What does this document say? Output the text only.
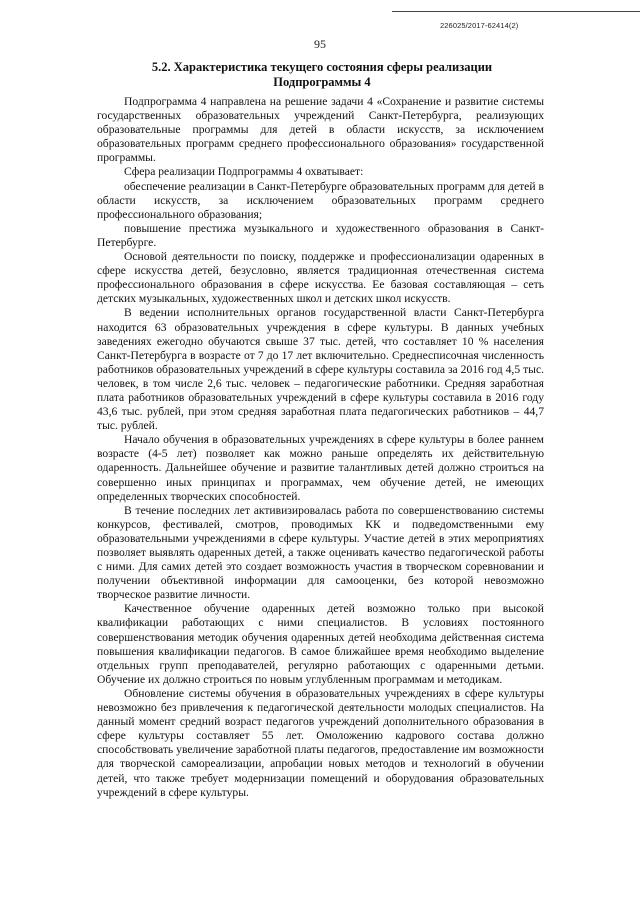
226025/2017-62414(2)
95
5.2. Характеристика текущего состояния сферы реализации
Подпрограммы 4

Подпрограмма 4 направлена на решение задачи 4 «Сохранение и развитие системы государственных образовательных учреждений Санкт-Петербурга, реализующих образовательные программы для детей в области искусств, за исключением образовательных программ среднего профессионального образования» государственной программы.

Сфера реализации Подпрограммы 4 охватывает:

обеспечение реализации в Санкт-Петербурге образовательных программ для детей в области искусств, за исключением образовательных программ среднего профессионального образования;

повышение престижа музыкального и художественного образования в Санкт-Петербурге.

Основой деятельности по поиску, поддержке и профессионализации одаренных в сфере искусства детей, безусловно, является традиционная отечественная система профессионального образования в сфере искусства. Ее базовая составляющая – сеть детских музыкальных, художественных школ и детских школ искусств.

В ведении исполнительных органов государственной власти Санкт-Петербурга находится 63 образовательных учреждения в сфере культуры. В данных учебных заведениях ежегодно обучаются свыше 37 тыс. детей, что составляет 10 % населения Санкт-Петербурга в возрасте от 7 до 17 лет включительно. Среднесписочная численность работников образовательных учреждений в сфере культуры составила за 2016 год 4,5 тыс. человек, в том числе 2,6 тыс. человек – педагогические работники. Средняя заработная плата работников образовательных учреждений в сфере культуры составила в 2016 году 43,6 тыс. рублей, при этом средняя заработная плата педагогических работников – 44,7 тыс. рублей.

Начало обучения в образовательных учреждениях в сфере культуры в более раннем возрасте (4-5 лет) позволяет как можно раньше определять их действительную одаренность. Дальнейшее обучение и развитие талантливых детей должно строиться на совершенно иных принципах и программах, чем обучение детей, не имеющих определенных творческих способностей.

В течение последних лет активизировалась работа по совершенствованию системы конкурсов, фестивалей, смотров, проводимых КК и подведомственными ему образовательными учреждениями в сфере культуры. Участие детей в этих мероприятиях позволяет выявлять одаренных детей, а также оценивать качество педагогической работы с ними. Для самих детей это создает возможность участия в творческом соревновании и получении объективной информации для самооценки, без которой невозможно творческое развитие личности.

Качественное обучение одаренных детей возможно только при высокой квалификации работающих с ними специалистов. В условиях постоянного совершенствования методик обучения одаренных детей необходима действенная система повышения квалификации педагогов. В самое ближайшее время необходимо выделение отдельных групп преподавателей, регулярно работающих с одаренными детьми. Обучение их должно строиться по новым углубленным программам и методикам.

Обновление системы обучения в образовательных учреждениях в сфере культуры невозможно без привлечения к педагогической деятельности молодых специалистов. На данный момент средний возраст педагогов учреждений дополнительного образования в сфере культуры составляет 55 лет. Омоложению кадрового состава должно способствовать увеличение заработной платы педагогов, предоставление им возможности для творческой самореализации, апробации новых методов и технологий в обучении детей, что также требует модернизации помещений и оборудования образовательных учреждений в сфере культуры.
